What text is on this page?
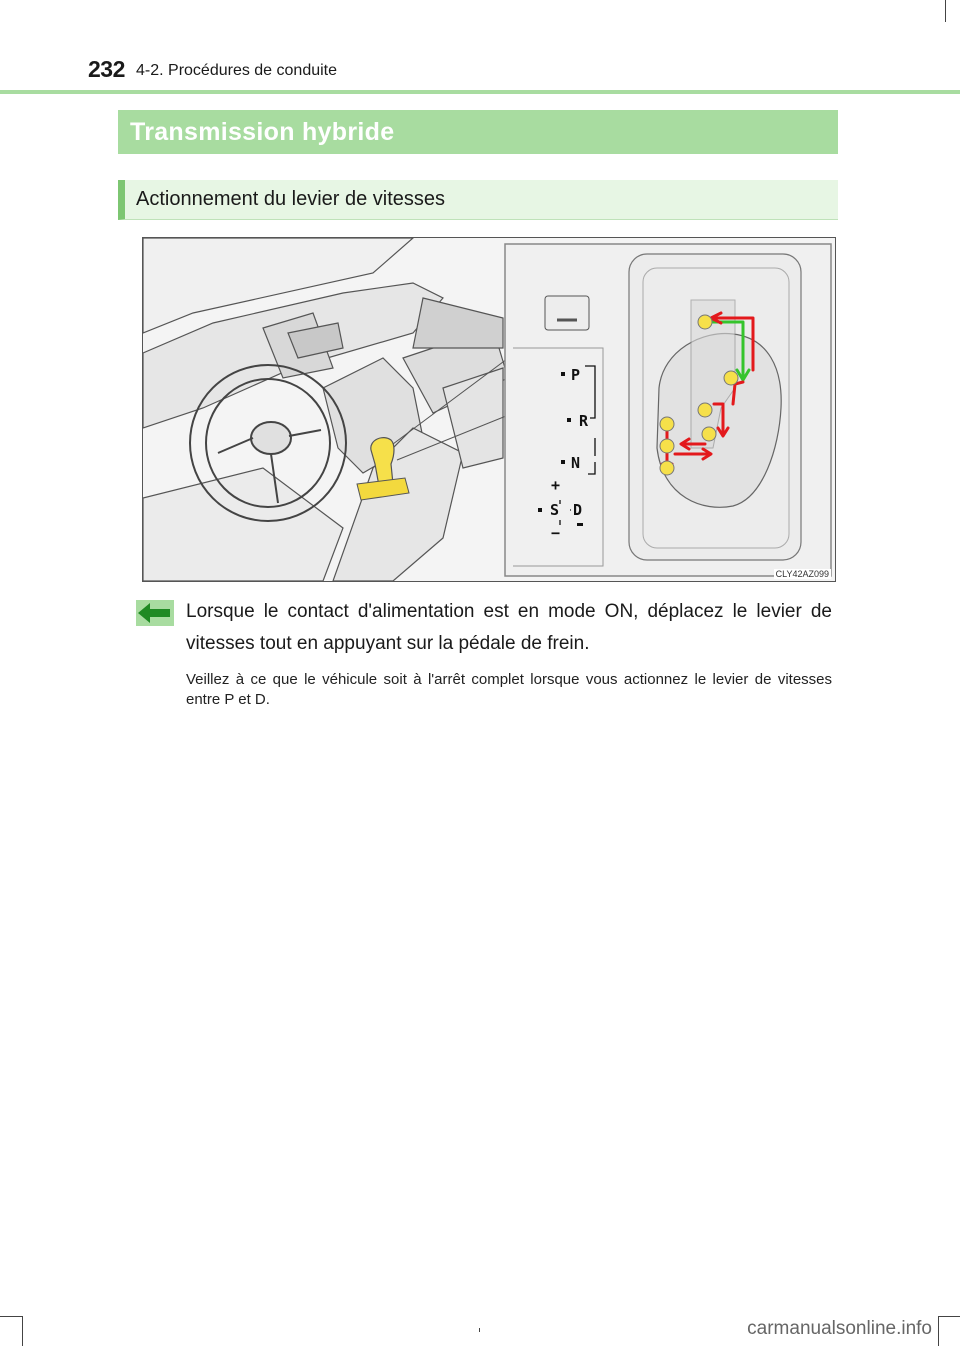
232 4-2. Procédures de conduite
Transmission hybride
Actionnement du levier de vitesses
P
R
N
+
S D
−
CLY42AZ099
Lorsque le contact d'alimentation est en mode ON, déplacez le levier de vitesses tout en appuyant sur la pédale de frein.
Veillez à ce que le véhicule soit à l'arrêt complet lorsque vous actionnez le levier de vitesses entre P et D.
carmanualsonline.info
